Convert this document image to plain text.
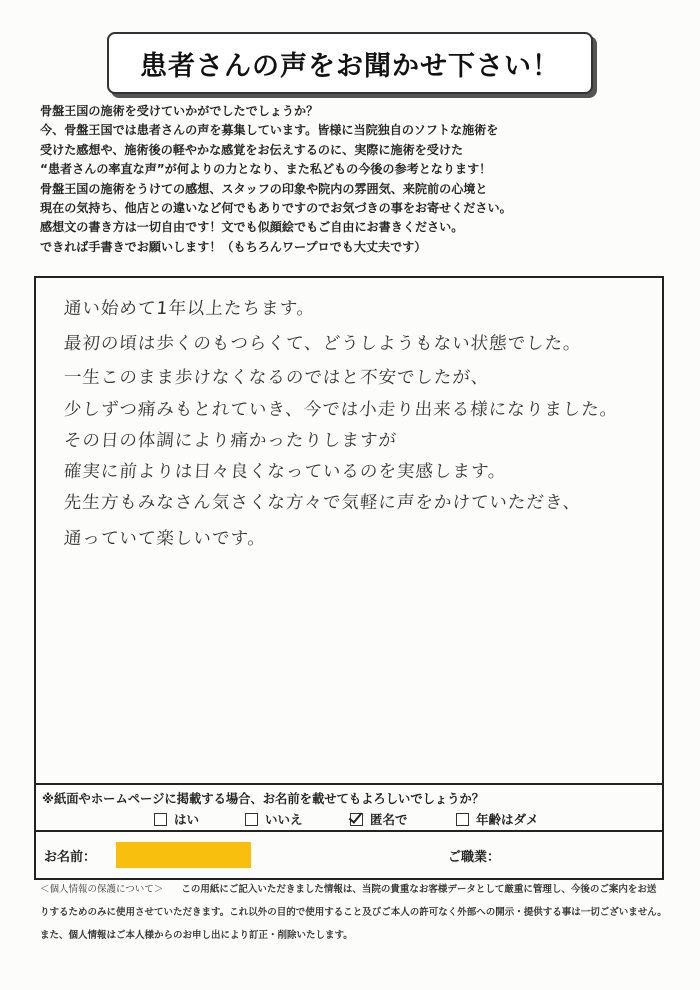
患者さんの声をお聞かせ下さい！
骨盤王国の施術を受けていかがでしたでしょうか？
今、骨盤王国では患者さんの声を募集しています。皆様に当院独自のソフトな施術を
受けた感想や、施術後の軽やかな感覚をお伝えするのに、実際に施術を受けた
“患者さんの率直な声”が何よりの力となり、また私どもの今後の参考となります！
骨盤王国の施術をうけての感想、スタッフの印象や院内の雰囲気、来院前の心境と
現在の気持ち、他店との違いなど何でもありですのでお気づきの事をお寄せください。
感想文の書き方は一切自由です！文でも似顔絵でもご自由にお書きください。
できれば手書きでお願いします！（もちろんワープロでも大丈夫です）
通い始めて1年以上たちます。
最初の頃は歩くのもつらくて、どうしようもない状態でした。
一生このまま歩けなくなるのではと不安でしたが、
少しずつ痛みもとれていき、今では小走り出来る様になりました。
その日の体調により痛かったりしますが
確実に前よりは日々良くなっているのを実感します。
先生方もみなさん気さくな方々で気軽に声をかけていただき、
通っていて楽しいです。
※紙面やホームページに掲載する場合、お名前を載せてもよろしいでしょうか？
はい	いいえ	匿名で	年齢はダメ
お名前：	ご職業：
＜個人情報の保護について＞ この用紙にご記入いただきました情報は、当院の貴重なお客様データとして厳重に管理し、今後のご案内をお送
りするためのみに使用させていただきます。これ以外の目的で使用すること及びご本人の許可なく外部への開示・提供する事は一切ございません。
また、個人情報はご本人様からのお申し出により訂正・削除いたします。
